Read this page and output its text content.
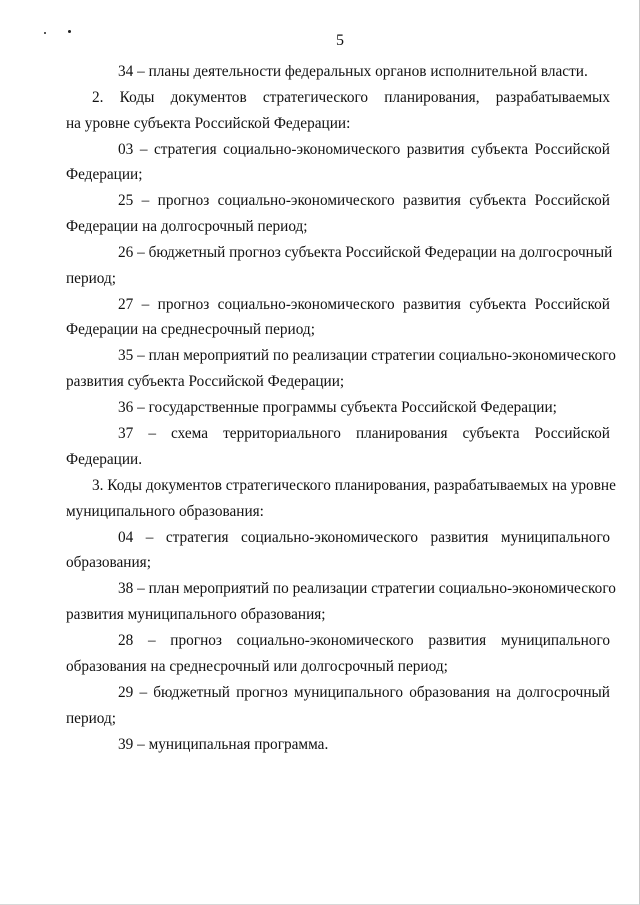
5
34 – планы деятельности федеральных органов исполнительной власти.
2. Коды документов стратегического планирования, разрабатываемых
на уровне субъекта Российской Федерации:
03 – стратегия социально-экономического развития субъекта Российской
Федерации;
25 – прогноз социально-экономического развития субъекта Российской
Федерации на долгосрочный период;
26 – бюджетный прогноз субъекта Российской Федерации на долгосрочный
период;
27 – прогноз социально-экономического развития субъекта Российской
Федерации на среднесрочный период;
35 – план мероприятий по реализации стратегии социально-экономического
развития субъекта Российской Федерации;
36 – государственные программы субъекта Российской Федерации;
37 – схема территориального планирования субъекта Российской
Федерации.
3. Коды документов стратегического планирования, разрабатываемых на уровне
муниципального образования:
04 – стратегия социально-экономического развития муниципального
образования;
38 – план мероприятий по реализации стратегии социально-экономического
развития муниципального образования;
28 – прогноз социально-экономического развития муниципального
образования на среднесрочный или долгосрочный период;
29 – бюджетный прогноз муниципального образования на долгосрочный
период;
39 – муниципальная программа.
